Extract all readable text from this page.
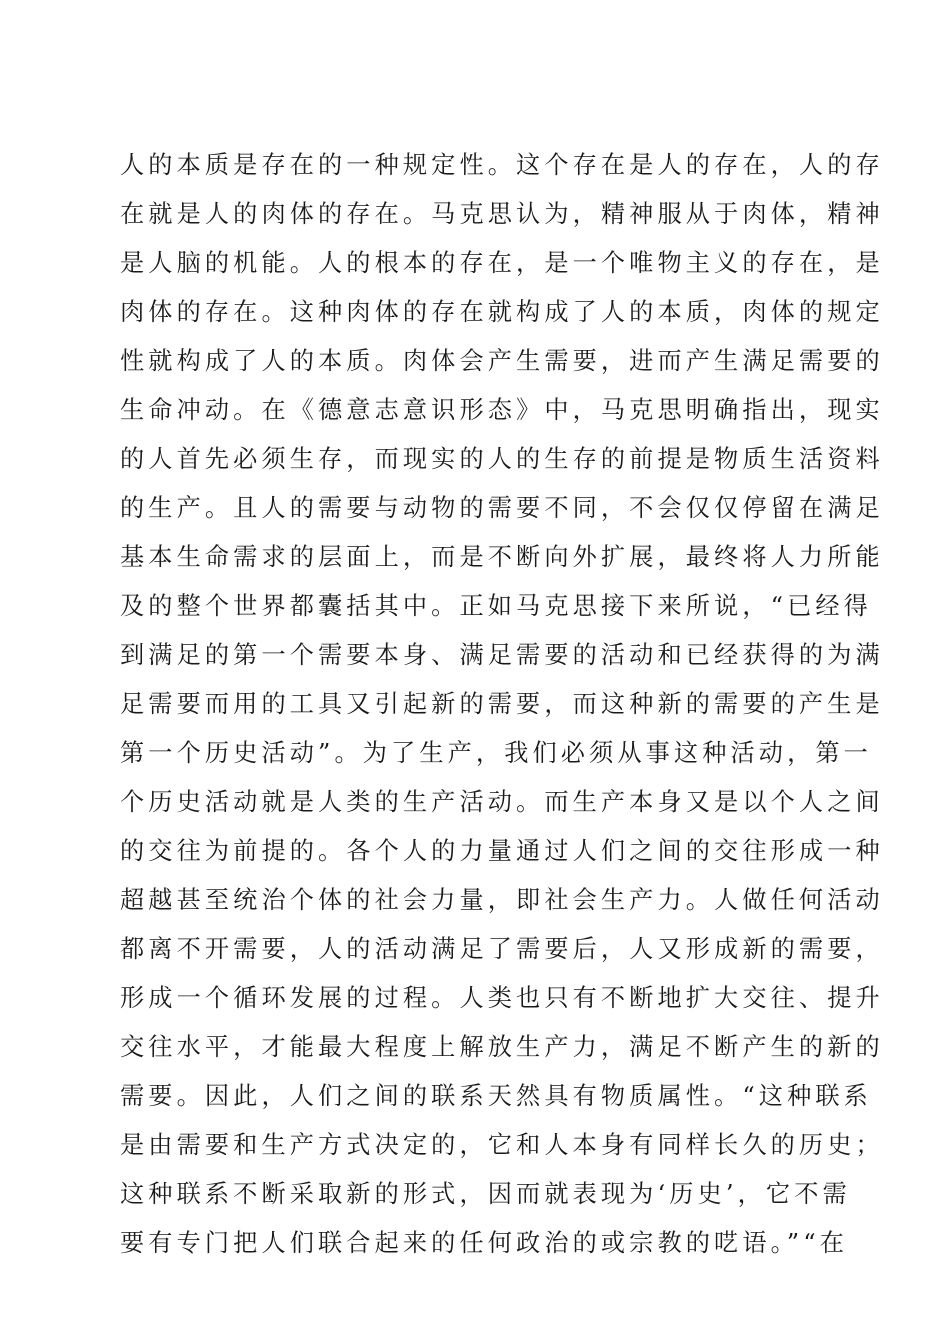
人的本质是存在的一种规定性。这个存在是人的存在，人的存
在就是人的肉体的存在。马克思认为，精神服从于肉体，精神
是人脑的机能。人的根本的存在，是一个唯物主义的存在，是
肉体的存在。这种肉体的存在就构成了人的本质，肉体的规定
性就构成了人的本质。肉体会产生需要，进而产生满足需要的
生命冲动。在《德意志意识形态》中，马克思明确指出，现实
的人首先必须生存，而现实的人的生存的前提是物质生活资料
的生产。且人的需要与动物的需要不同，不会仅仅停留在满足
基本生命需求的层面上，而是不断向外扩展，最终将人力所能
及的整个世界都囊括其中。正如马克思接下来所说，“已经得
到满足的第一个需要本身、满足需要的活动和已经获得的为满
足需要而用的工具又引起新的需要，而这种新的需要的产生是
第一个历史活动”。为了生产，我们必须从事这种活动，第一
个历史活动就是人类的生产活动。而生产本身又是以个人之间
的交往为前提的。各个人的力量通过人们之间的交往形成一种
超越甚至统治个体的社会力量，即社会生产力。人做任何活动
都离不开需要，人的活动满足了需要后，人又形成新的需要，
形成一个循环发展的过程。人类也只有不断地扩大交往、提升
交往水平，才能最大程度上解放生产力，满足不断产生的新的
需要。因此，人们之间的联系天然具有物质属性。“这种联系
是由需要和生产方式决定的，它和人本身有同样长久的历史；
这种联系不断采取新的形式，因而就表现为‘历史’，它不需
要有专门把人们联合起来的任何政治的或宗教的呓语。”“在
